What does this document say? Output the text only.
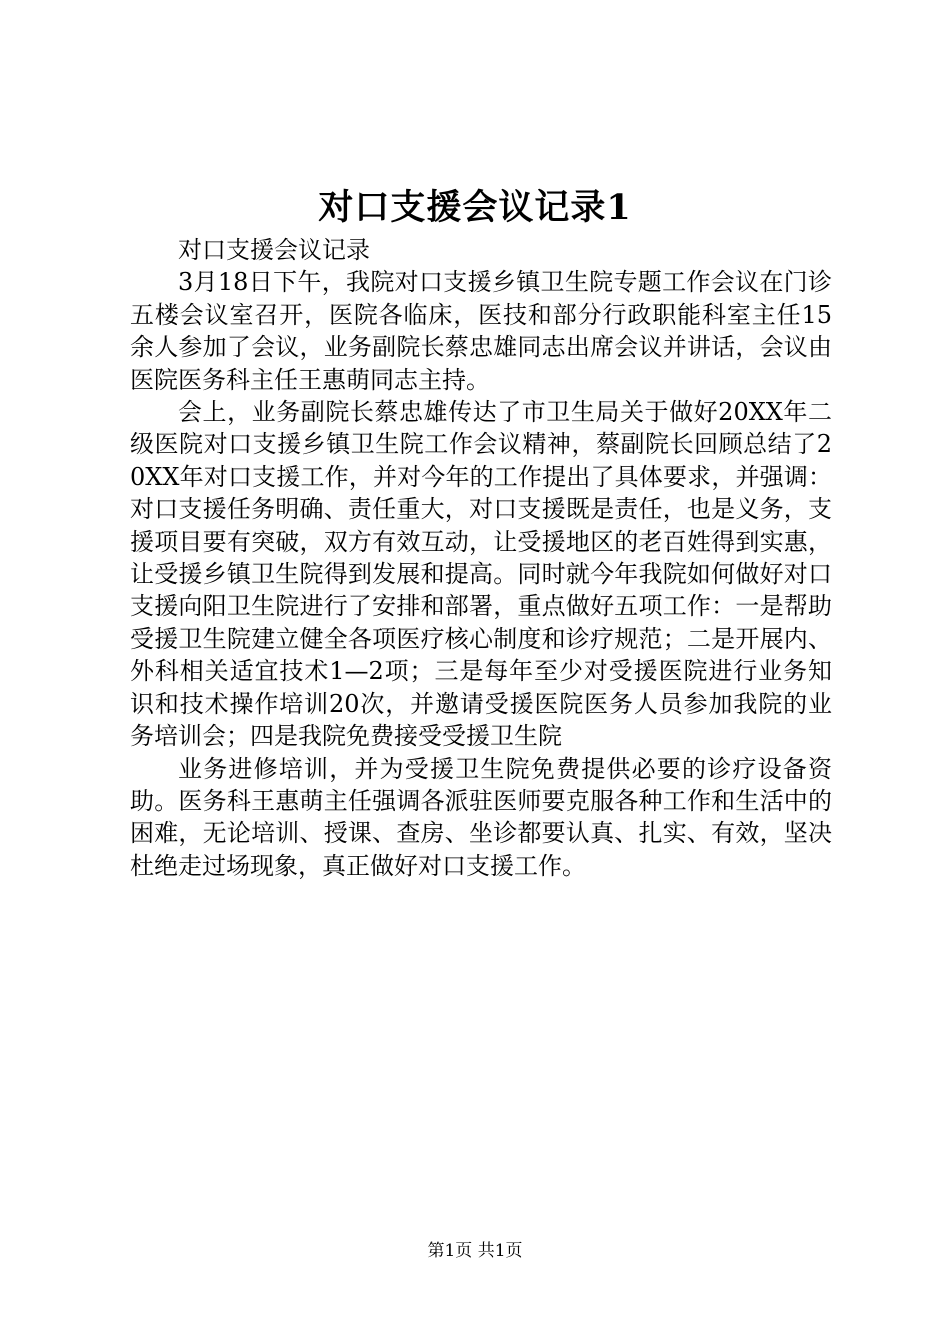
对口支援会议记录1

对口支援会议记录

3月18日下午，我院对口支援乡镇卫生院专题工作会议在门诊五楼会议室召开，医院各临床，医技和部分行政职能科室主任15余人参加了会议，业务副院长蔡忠雄同志出席会议并讲话，会议由医院医务科主任王惠萌同志主持。

会上，业务副院长蔡忠雄传达了市卫生局关于做好20XX年二级医院对口支援乡镇卫生院工作会议精神，蔡副院长回顾总结了20XX年对口支援工作，并对今年的工作提出了具体要求，并强调：对口支援任务明确、责任重大，对口支援既是责任，也是义务，支援项目要有突破，双方有效互动，让受援地区的老百姓得到实惠，让受援乡镇卫生院得到发展和提高。同时就今年我院如何做好对口支援向阳卫生院进行了安排和部署，重点做好五项工作：一是帮助受援卫生院建立健全各项医疗核心制度和诊疗规范；二是开展内、外科相关适宜技术1—2项；三是每年至少对受援医院进行业务知识和技术操作培训20次，并邀请受援医院医务人员参加我院的业务培训会；四是我院免费接受受援卫生院

业务进修培训，并为受援卫生院免费提供必要的诊疗设备资助。医务科王惠萌主任强调各派驻医师要克服各种工作和生活中的困难，无论培训、授课、查房、坐诊都要认真、扎实、有效，坚决杜绝走过场现象，真正做好对口支援工作。

第1页 共1页
